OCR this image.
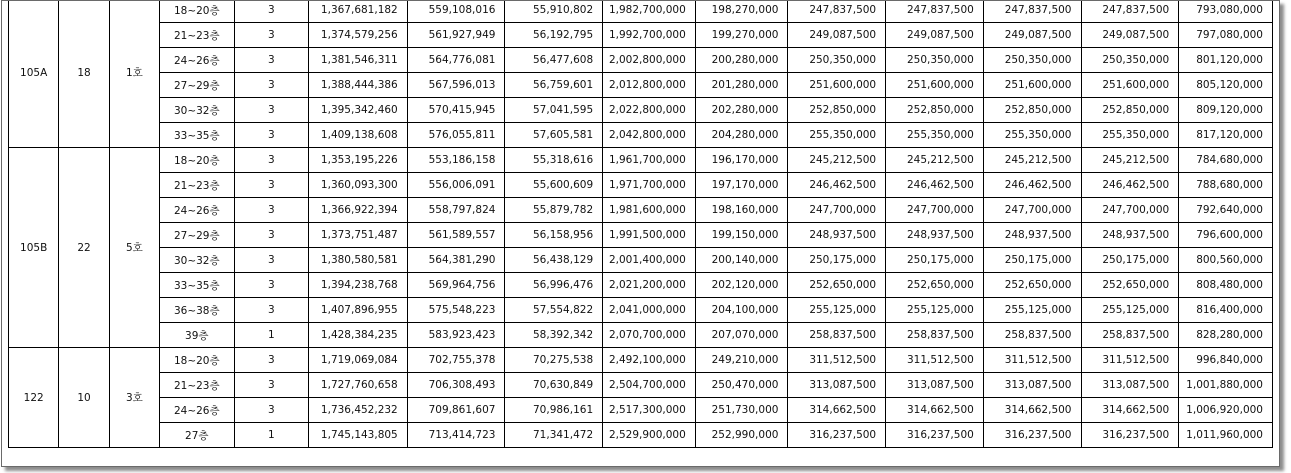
105A	18	1호	18~20층	3	1,367,681,182	559,108,016	55,910,802	1,982,700,000	198,270,000	247,837,500	247,837,500	247,837,500	247,837,500	793,080,000
			21~23층	3	1,374,579,256	561,927,949	56,192,795	1,992,700,000	199,270,000	249,087,500	249,087,500	249,087,500	249,087,500	797,080,000
			24~26층	3	1,381,546,311	564,776,081	56,477,608	2,002,800,000	200,280,000	250,350,000	250,350,000	250,350,000	250,350,000	801,120,000
			27~29층	3	1,388,444,386	567,596,013	56,759,601	2,012,800,000	201,280,000	251,600,000	251,600,000	251,600,000	251,600,000	805,120,000
			30~32층	3	1,395,342,460	570,415,945	57,041,595	2,022,800,000	202,280,000	252,850,000	252,850,000	252,850,000	252,850,000	809,120,000
			33~35층	3	1,409,138,608	576,055,811	57,605,581	2,042,800,000	204,280,000	255,350,000	255,350,000	255,350,000	255,350,000	817,120,000
105B	22	5호	18~20층	3	1,353,195,226	553,186,158	55,318,616	1,961,700,000	196,170,000	245,212,500	245,212,500	245,212,500	245,212,500	784,680,000
			21~23층	3	1,360,093,300	556,006,091	55,600,609	1,971,700,000	197,170,000	246,462,500	246,462,500	246,462,500	246,462,500	788,680,000
			24~26층	3	1,366,922,394	558,797,824	55,879,782	1,981,600,000	198,160,000	247,700,000	247,700,000	247,700,000	247,700,000	792,640,000
			27~29층	3	1,373,751,487	561,589,557	56,158,956	1,991,500,000	199,150,000	248,937,500	248,937,500	248,937,500	248,937,500	796,600,000
			30~32층	3	1,380,580,581	564,381,290	56,438,129	2,001,400,000	200,140,000	250,175,000	250,175,000	250,175,000	250,175,000	800,560,000
			33~35층	3	1,394,238,768	569,964,756	56,996,476	2,021,200,000	202,120,000	252,650,000	252,650,000	252,650,000	252,650,000	808,480,000
			36~38층	3	1,407,896,955	575,548,223	57,554,822	2,041,000,000	204,100,000	255,125,000	255,125,000	255,125,000	255,125,000	816,400,000
			39층	1	1,428,384,235	583,923,423	58,392,342	2,070,700,000	207,070,000	258,837,500	258,837,500	258,837,500	258,837,500	828,280,000
122	10	3호	18~20층	3	1,719,069,084	702,755,378	70,275,538	2,492,100,000	249,210,000	311,512,500	311,512,500	311,512,500	311,512,500	996,840,000
			21~23층	3	1,727,760,658	706,308,493	70,630,849	2,504,700,000	250,470,000	313,087,500	313,087,500	313,087,500	313,087,500	1,001,880,000
			24~26층	3	1,736,452,232	709,861,607	70,986,161	2,517,300,000	251,730,000	314,662,500	314,662,500	314,662,500	314,662,500	1,006,920,000
			27층	1	1,745,143,805	713,414,723	71,341,472	2,529,900,000	252,990,000	316,237,500	316,237,500	316,237,500	316,237,500	1,011,960,000
